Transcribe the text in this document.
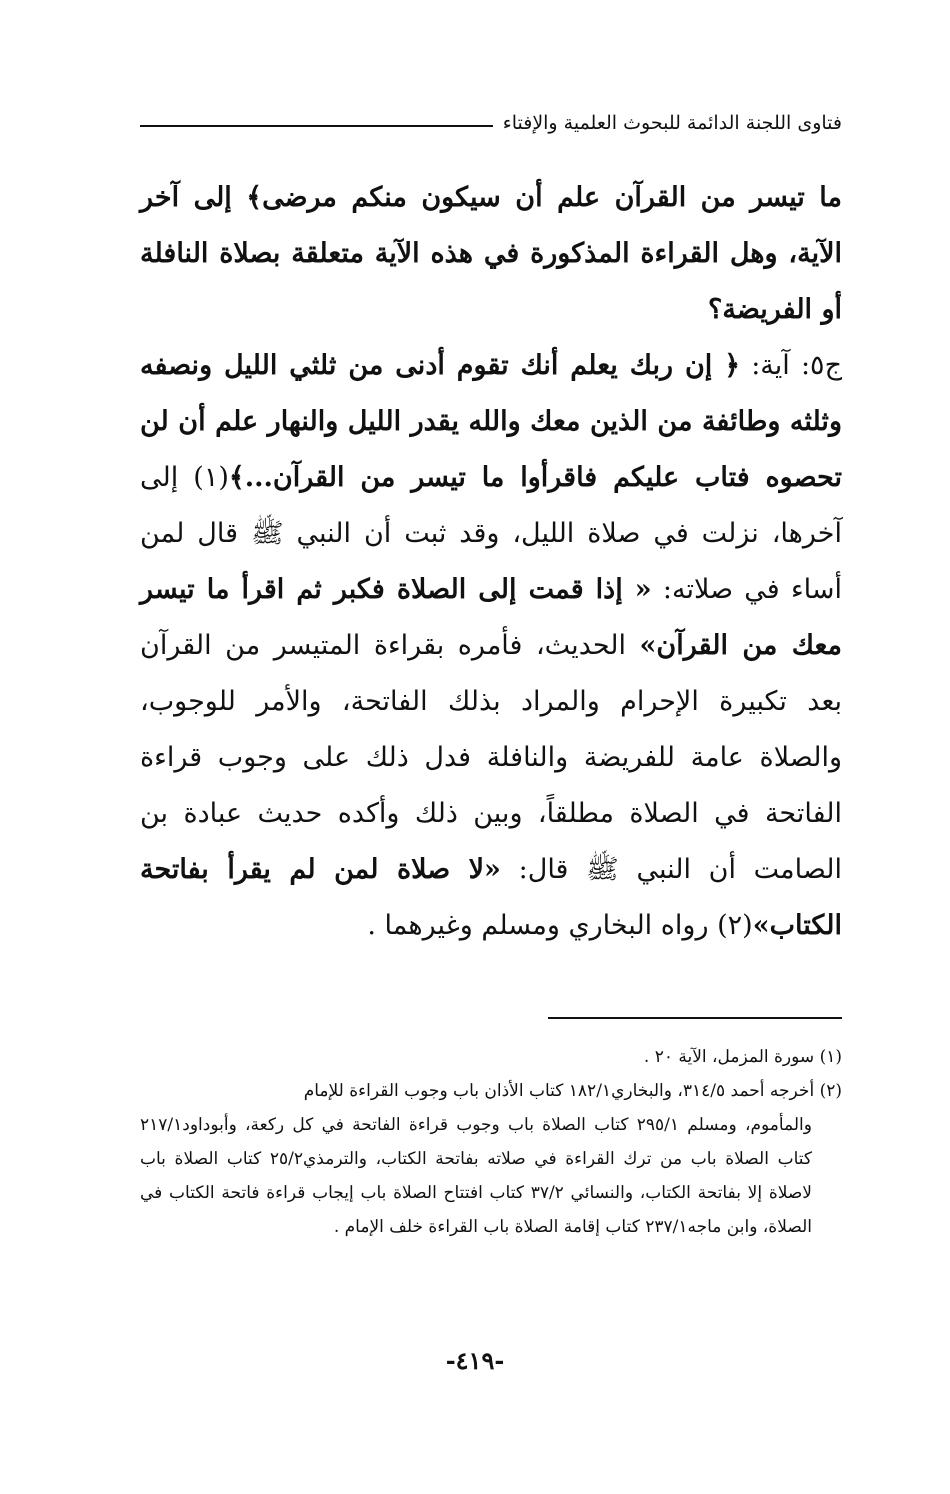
فتاوى اللجنة الدائمة للبحوث العلمية والإفتاء

ما تيسر من القرآن علم أن سيكون منكم مرضى﴾ إلى آخر الآية، وهل القراءة المذكورة في هذه الآية متعلقة بصلاة النافلة أو الفريضة؟

ج٥: آية: ﴿ إن ربك يعلم أنك تقوم أدنى من ثلثي الليل ونصفه وثلثه وطائفة من الذين معك والله يقدر الليل والنهار علم أن لن تحصوه فتاب عليكم فاقرأوا ما تيسر من القرآن...﴾(١) إلى آخرها، نزلت في صلاة الليل، وقد ثبت أن النبي ﷺ قال لمن أساء في صلاته: « إذا قمت إلى الصلاة فكبر ثم اقرأ ما تيسر معك من القرآن» الحديث، فأمره بقراءة المتيسر من القرآن بعد تكبيرة الإحرام والمراد بذلك الفاتحة، والأمر للوجوب، والصلاة عامة للفريضة والنافلة فدل ذلك على وجوب قراءة الفاتحة في الصلاة مطلقاً، وبين ذلك وأكده حديث عبادة بن الصامت أن النبي ﷺ قال: «لا صلاة لمن لم يقرأ بفاتحة الكتاب»(٢) رواه البخاري ومسلم وغيرهما .

(١) سورة المزمل، الآية ٢٠ .

(٢) أخرجه أحمد ٣١٤/٥، والبخاري١٨٢/١ كتاب الأذان باب وجوب القراءة للإمام

والمأموم، ومسلم ٢٩٥/١ كتاب الصلاة باب وجوب قراءة الفاتحة في كل ركعة، وأبوداود٢١٧/١ كتاب الصلاة باب من ترك القراءة في صلاته بفاتحة الكتاب، والترمذي٢٥/٢ كتاب الصلاة باب لاصلاة إلا بفاتحة الكتاب، والنسائي ٣٧/٢ كتاب افتتاح الصلاة باب إيجاب قراءة فاتحة الكتاب في الصلاة، وابن ماجه٢٣٧/١ كتاب إقامة الصلاة باب القراءة خلف الإمام .

-٤١٩-
